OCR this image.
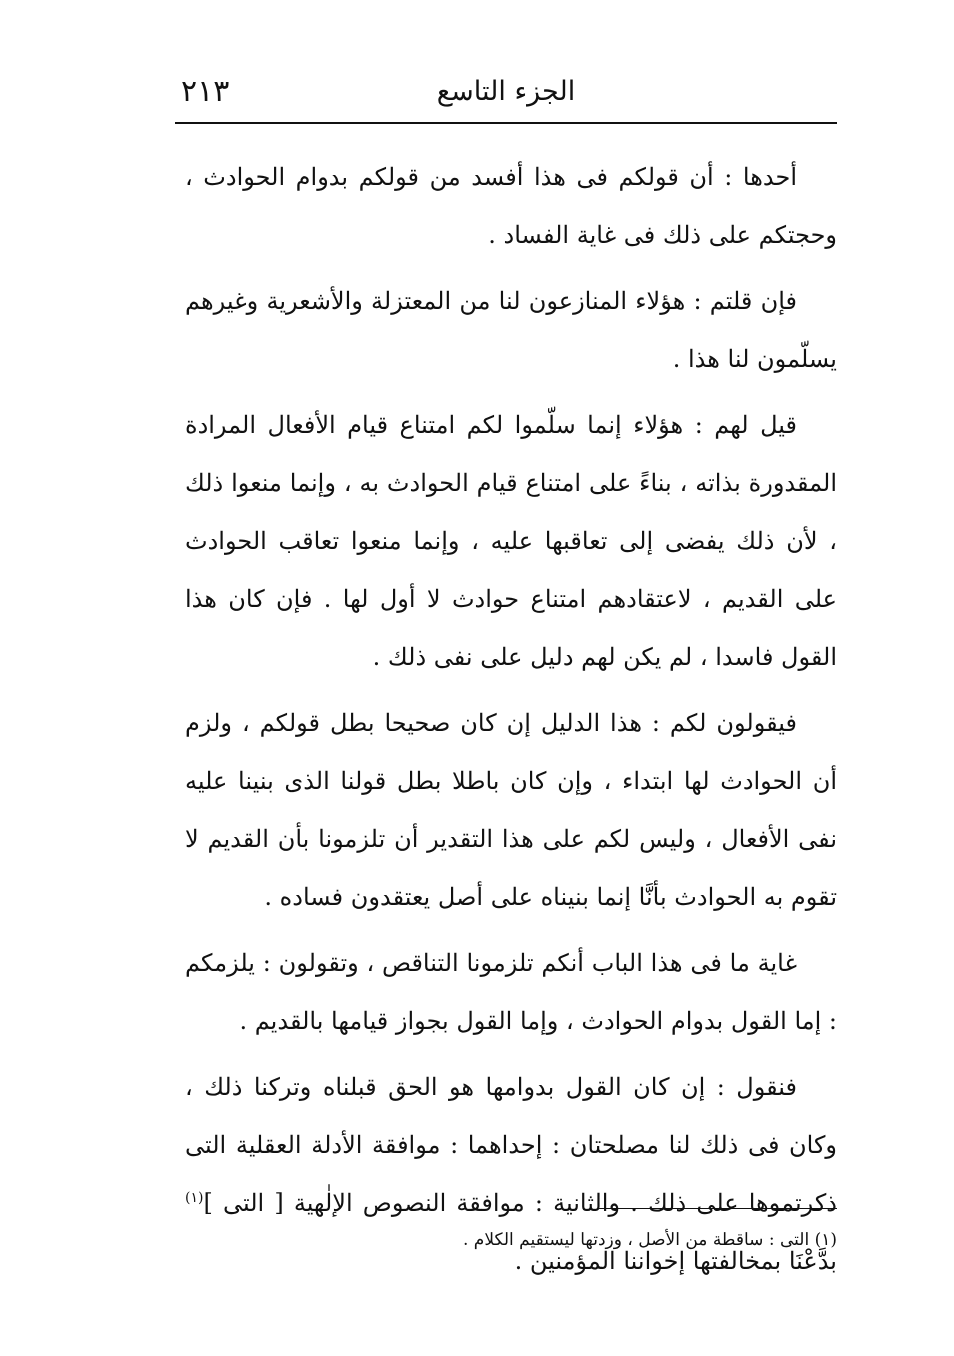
الجزء التاسع
٢١٣

أحدها : أن قولكم فى هذا أفسد من قولكم بدوام الحوادث ، وحجتكم على ذلك فى غاية الفساد .

فإن قلتم : هؤلاء المنازعون لنا من المعتزلة والأشعرية وغيرهم يسلّمون لنا هذا .

قيل لهم : هؤلاء إنما سلّموا لكم امتناع قيام الأفعال المرادة المقدورة بذاته ، بناءً على امتناع قيام الحوادث به ، وإنما منعوا ذلك ، لأن ذلك يفضى إلى تعاقبها عليه ، وإنما منعوا تعاقب الحوادث على القديم ، لاعتقادهم امتناع حوادث لا أول لها . فإن كان هذا القول فاسدا ، لم يكن لهم دليل على نفى ذلك .

فيقولون لكم : هذا الدليل إن كان صحيحا بطل قولكم ، ولزم أن الحوادث لها ابتداء ، وإن كان باطلا بطل قولنا الذى بنينا عليه نفى الأفعال ، وليس لكم على هذا التقدير أن تلزمونا بأن القديم لا تقوم به الحوادث بأنَّا إنما بنيناه على أصل يعتقدون فساده .

غاية ما فى هذا الباب أنكم تلزمونا التناقص ، وتقولون : يلزمكم : إما القول بدوام الحوادث ، وإما القول بجواز قيامها بالقديم .

فنقول : إن كان القول بدوامها هو الحق قبلناه وتركنا ذلك ، وكان فى ذلك لنا مصلحتان : إحداهما : موافقة الأدلة العقلية التى ذكرتموها على ذلك . والثانية : موافقة النصوص الإلٰهية [ التى ]$^{(١)}$ بدَّعْنَا بمخالفتها إخواننا المؤمنين .

(١) التى : ساقطة من الأصل ، وزدتها ليستقيم الكلام .
